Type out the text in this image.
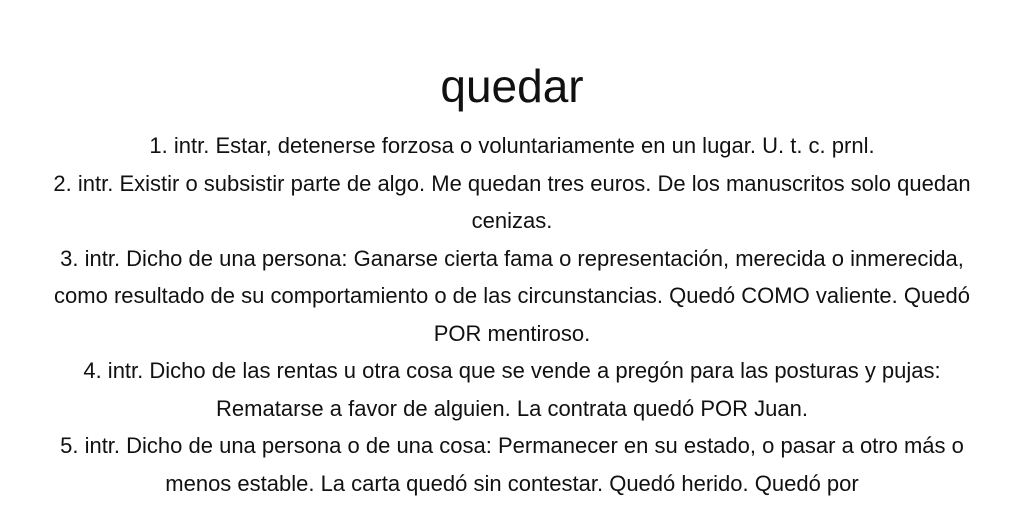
quedar
1. intr. Estar, detenerse forzosa o voluntariamente en un lugar. U. t. c. prnl.
2. intr. Existir o subsistir parte de algo. Me quedan tres euros. De los manuscritos solo quedan cenizas.
3. intr. Dicho de una persona: Ganarse cierta fama o representación, merecida o inmerecida, como resultado de su comportamiento o de las circunstancias. Quedó COMO valiente. Quedó POR mentiroso.
4. intr. Dicho de las rentas u otra cosa que se vende a pregón para las posturas y pujas: Rematarse a favor de alguien. La contrata quedó POR Juan.
5. intr. Dicho de una persona o de una cosa: Permanecer en su estado, o pasar a otro más o menos estable. La carta quedó sin contestar. Quedó herido. Quedó por
